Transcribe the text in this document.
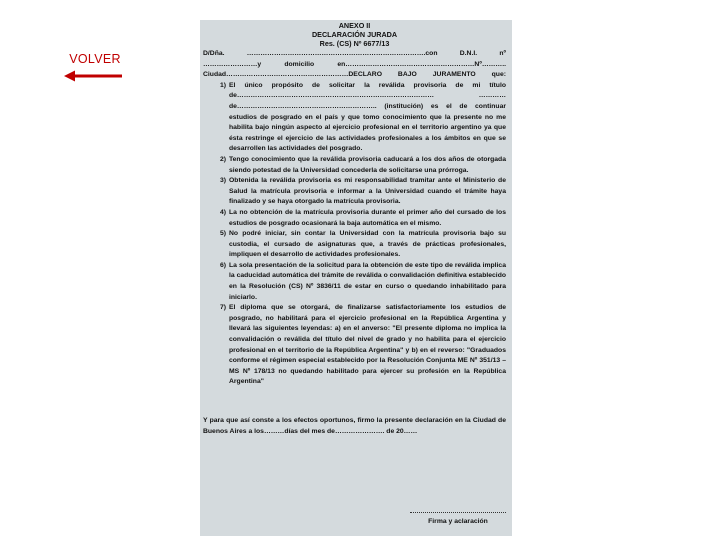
VOLVER
ANEXO II
DECLARACIÓN JURADA
Res. (CS) Nº 6677/13
D/Dña. …………………………………………………………………….con D.N.I. nº
……………………y domicilio en…………………………………………………Nº………..
Ciudad………………………………………………DECLARO BAJO JURAMENTO que:
1) El único propósito de solicitar la reválida provisoria de mi título de…………………………………………………………………………… …………de…………………………………………………….. (institución) es el de continuar estudios de posgrado en el país y que tomo conocimiento que la presente no me habilita bajo ningún aspecto al ejercicio profesional en el territorio argentino ya que ésta restringe el ejercicio de las actividades profesionales a los ámbitos en que se desarrollen las actividades del posgrado.
2) Tengo conocimiento que la reválida provisoria caducará a los dos años de otorgada siendo potestad de la Universidad concederla de solicitarse una prórroga.
3) Obtenida la reválida provisoria es mi responsabilidad tramitar ante el Ministerio de Salud la matrícula provisoria e informar a la Universidad cuando el trámite haya finalizado y se haya otorgado la matrícula provisoria.
4) La no obtención de la matrícula provisoria durante el primer año del cursado de los estudios de posgrado ocasionará la baja automática en el mismo.
5) No podré iniciar, sin contar la Universidad con la matrícula provisoria bajo su custodia, el cursado de asignaturas que, a través de prácticas profesionales, impliquen el desarrollo de actividades profesionales.
6) La sola presentación de la solicitud para la obtención de este tipo de reválida implica la caducidad automática del trámite de reválida o convalidación definitiva establecido en la Resolución (CS) Nº 3836/11 de estar en curso o quedando inhabilitado para iniciarlo.
7) El diploma que se otorgará, de finalizarse satisfactoriamente los estudios de posgrado, no habilitará para el ejercicio profesional en la República Argentina y llevará las siguientes leyendas: a) en el anverso: "El presente diploma no implica la convalidación o reválida del título del nivel de grado y no habilita para el ejercicio profesional en el territorio de la República Argentina" y b) en el reverso: "Graduados conforme el régimen especial establecido por la Resolución Conjunta ME Nº 351/13 – MS Nº 178/13 no quedando habilitado para ejercer su profesión en la República Argentina"
Y para que así conste a los efectos oportunos, firmo la presente declaración en la Ciudad de Buenos Aires a los………días del mes de…………………. de 20……
Firma y aclaración
